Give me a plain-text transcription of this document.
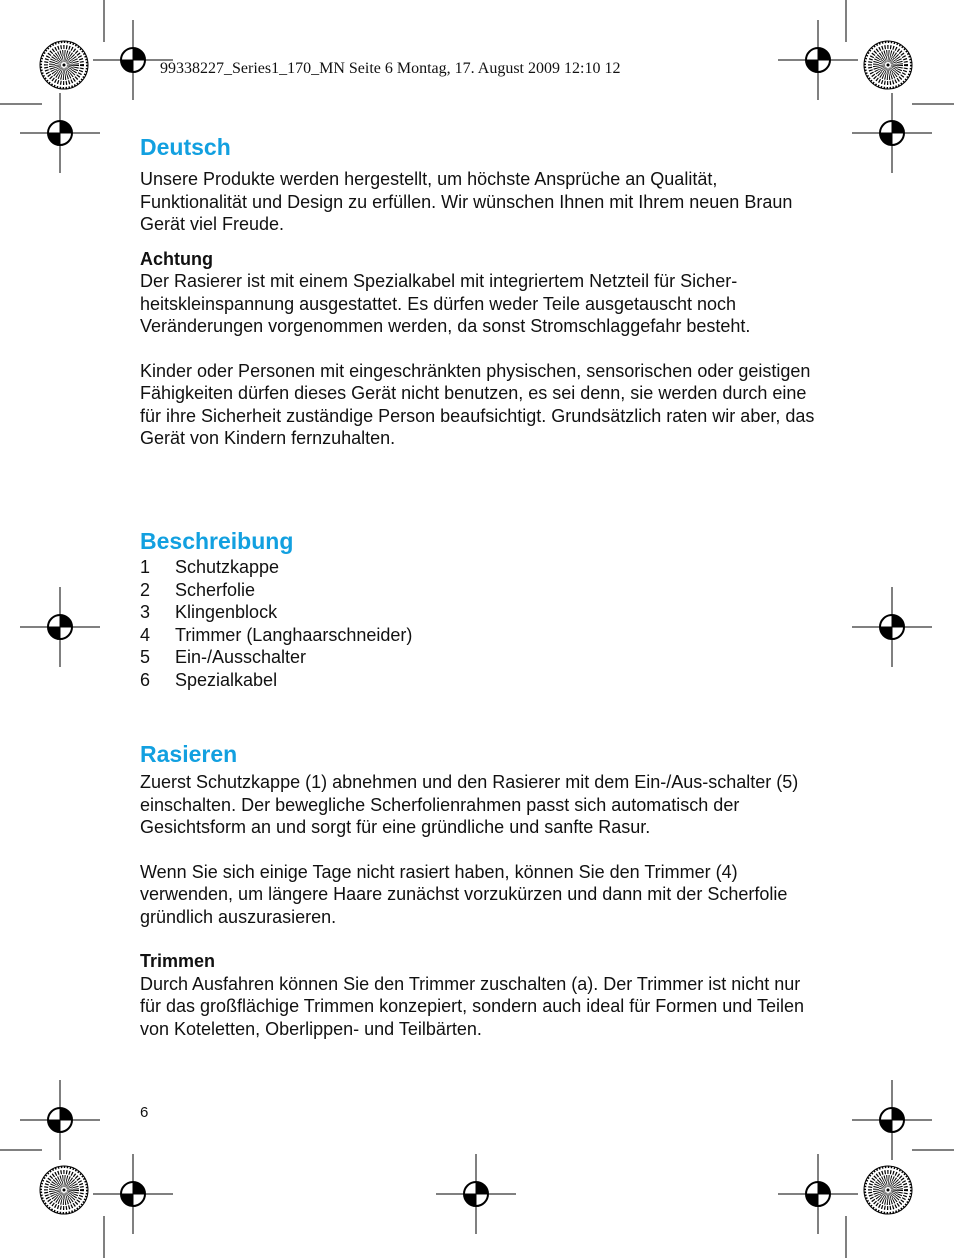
99338227_Series1_170_MN Seite 6 Montag, 17. August 2009 12:10 12
Deutsch

Unsere Produkte werden hergestellt, um höchste Ansprüche an Qualität, Funktionalität und Design zu erfüllen. Wir wünschen Ihnen mit Ihrem neuen Braun Gerät viel Freude.

Achtung

Der Rasierer ist mit einem Spezialkabel mit integriertem Netzteil für Sicher-heitskleinspannung ausgestattet. Es dürfen weder Teile ausgetauscht noch Veränderungen vorgenommen werden, da sonst Stromschlaggefahr besteht.

Kinder oder Personen mit eingeschränkten physischen, sensorischen oder geistigen Fähigkeiten dürfen dieses Gerät nicht benutzen, es sei denn, sie werden durch eine für ihre Sicherheit zuständige Person beaufsichtigt. Grundsätzlich raten wir aber, das Gerät von Kindern fernzuhalten.

Beschreibung
1	Schutzkappe
2	Scherfolie
3	Klingenblock
4	Trimmer (Langhaarschneider)
5	Ein-/Ausschalter
6	Spezialkabel
Rasieren

Zuerst Schutzkappe (1) abnehmen und den Rasierer mit dem Ein-/Aus-schalter (5) einschalten. Der bewegliche Scherfolienrahmen passt sich automatisch der Gesichtsform an und sorgt für eine gründliche und sanfte Rasur.

Wenn Sie sich einige Tage nicht rasiert haben, können Sie den Trimmer (4) verwenden, um längere Haare zunächst vorzukürzen und dann mit der Scherfolie gründlich auszurasieren.

Trimmen

Durch Ausfahren können Sie den Trimmer zuschalten (a). Der Trimmer ist nicht nur für das großflächige Trimmen konzepiert, sondern auch ideal für Formen und Teilen von Koteletten, Oberlippen- und Teilbärten.

6
